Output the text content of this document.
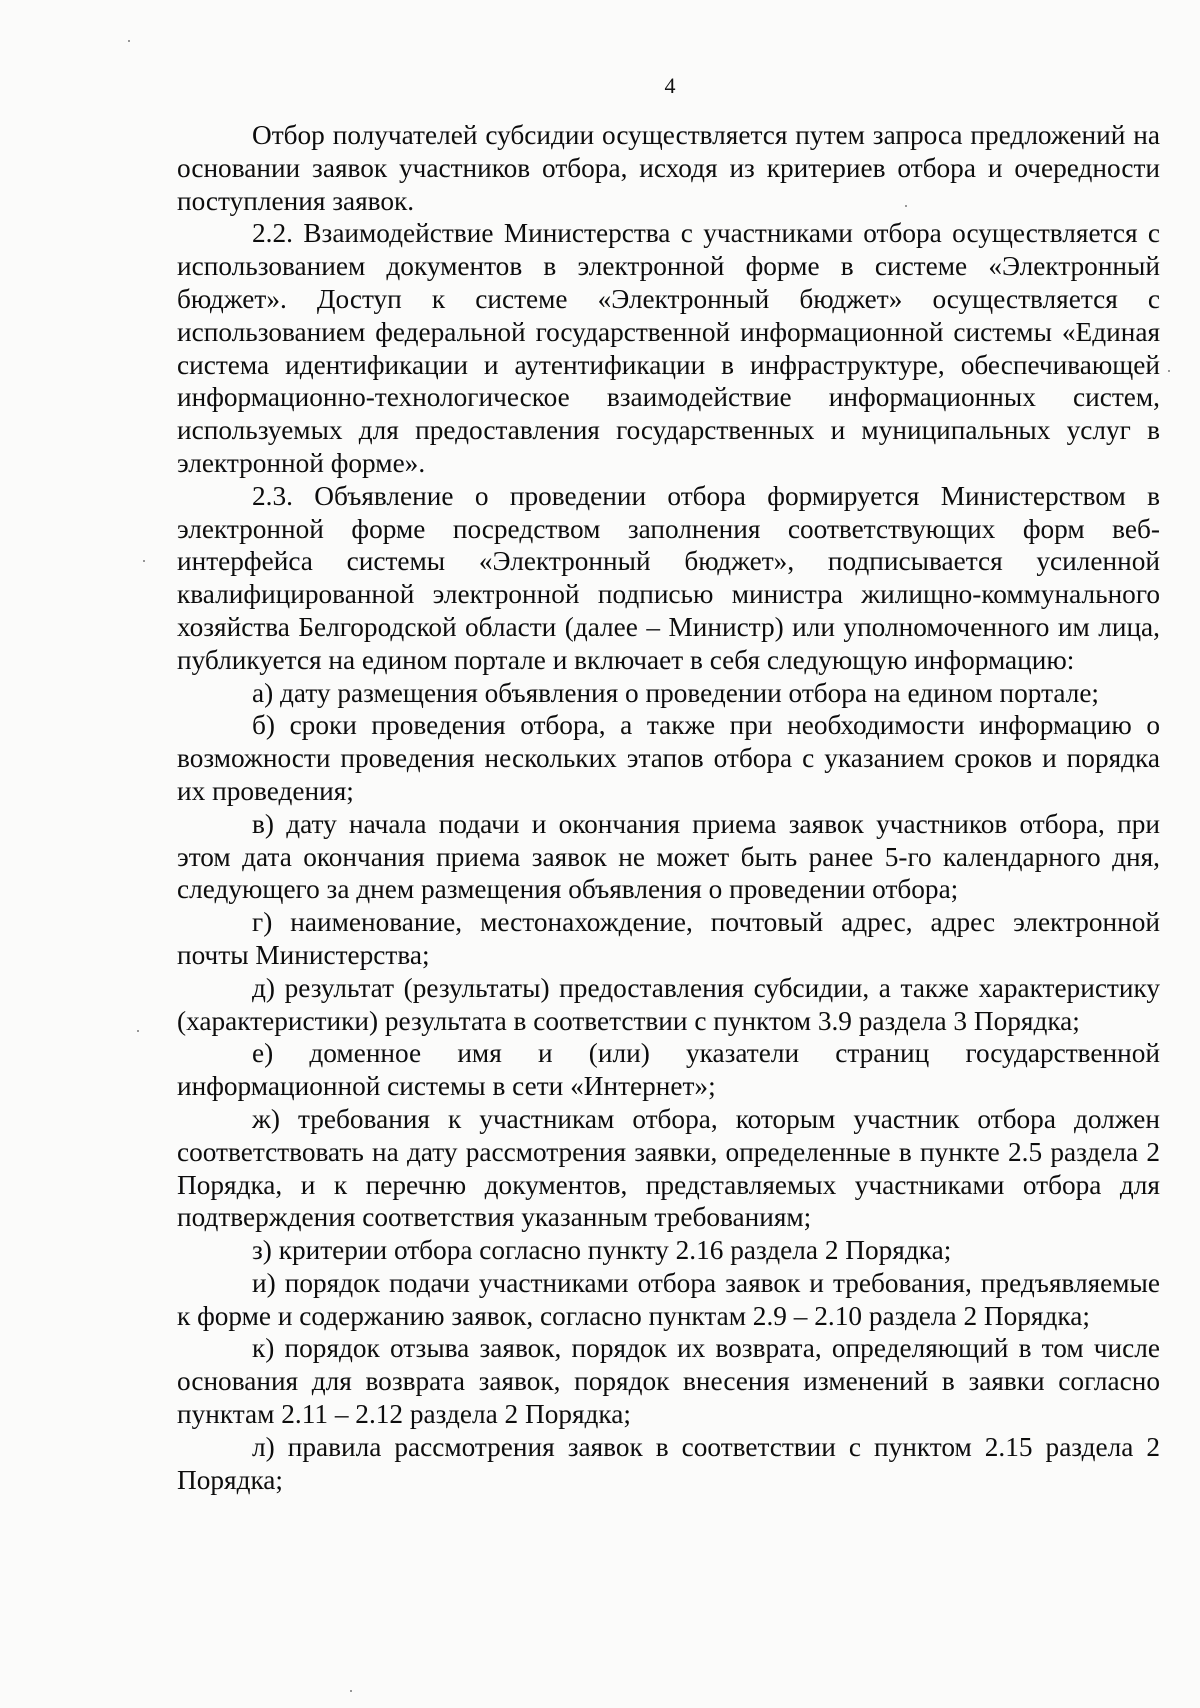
4

Отбор получателей субсидии осуществляется путем запроса предложений на основании заявок участников отбора, исходя из критериев отбора и очередности поступления заявок.

2.2. Взаимодействие Министерства с участниками отбора осуществляется с использованием документов в электронной форме в системе «Электронный бюджет». Доступ к системе «Электронный бюджет» осуществляется с использованием федеральной государственной информационной системы «Единая система идентификации и аутентификации в инфраструктуре, обеспечивающей информационно-технологическое взаимодействие информационных систем, используемых для предоставления государственных и муниципальных услуг в электронной форме».

2.3. Объявление о проведении отбора формируется Министерством в электронной форме посредством заполнения соответствующих форм веб-интерфейса системы «Электронный бюджет», подписывается усиленной квалифицированной электронной подписью министра жилищно-коммунального хозяйства Белгородской области (далее – Министр) или уполномоченного им лица, публикуется на едином портале и включает в себя следующую информацию:

а) дату размещения объявления о проведении отбора на едином портале;

б) сроки проведения отбора, а также при необходимости информацию о возможности проведения нескольких этапов отбора с указанием сроков и порядка их проведения;

в) дату начала подачи и окончания приема заявок участников отбора, при этом дата окончания приема заявок не может быть ранее 5-го календарного дня, следующего за днем размещения объявления о проведении отбора;

г) наименование, местонахождение, почтовый адрес, адрес электронной почты Министерства;

д) результат (результаты) предоставления субсидии, а также характеристику (характеристики) результата в соответствии с пунктом 3.9 раздела 3 Порядка;

е) доменное имя и (или) указатели страниц государственной информационной системы в сети «Интернет»;

ж) требования к участникам отбора, которым участник отбора должен соответствовать на дату рассмотрения заявки, определенные в пункте 2.5 раздела 2 Порядка, и к перечню документов, представляемых участниками отбора для подтверждения соответствия указанным требованиям;

з) критерии отбора согласно пункту 2.16 раздела 2 Порядка;

и) порядок подачи участниками отбора заявок и требования, предъявляемые к форме и содержанию заявок, согласно пунктам 2.9 – 2.10 раздела 2 Порядка;

к) порядок отзыва заявок, порядок их возврата, определяющий в том числе основания для возврата заявок, порядок внесения изменений в заявки согласно пунктам 2.11 – 2.12 раздела 2 Порядка;

л) правила рассмотрения заявок в соответствии с пунктом 2.15 раздела 2 Порядка;
